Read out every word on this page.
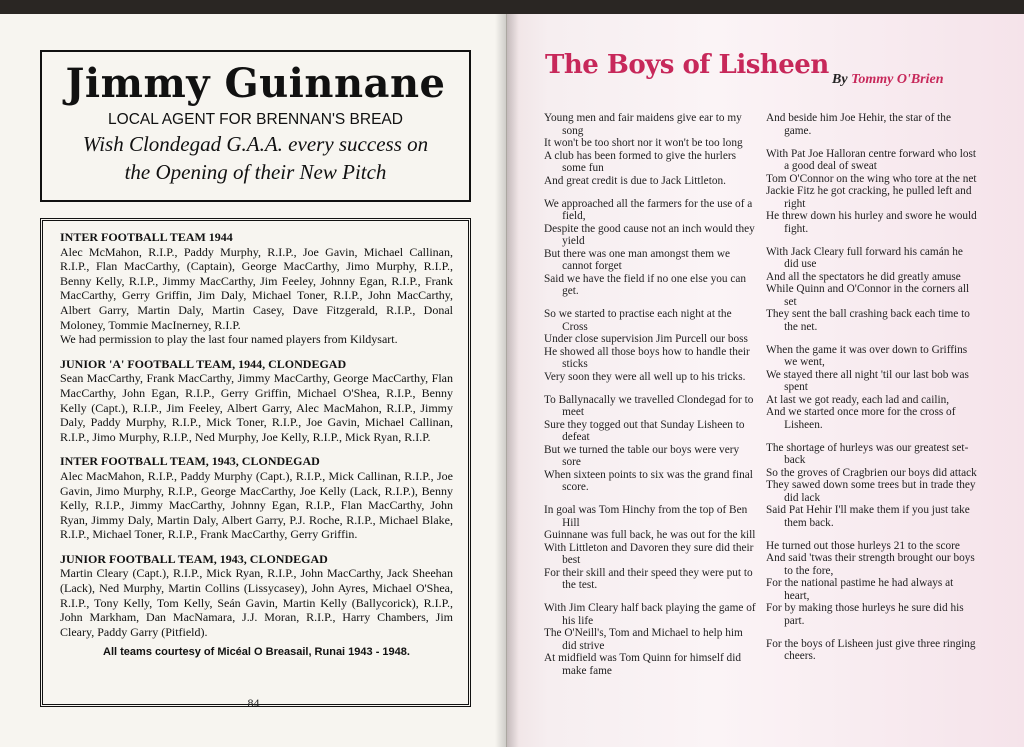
Jimmy Guinnane
LOCAL AGENT FOR BRENNAN'S BREAD
Wish Clondegad G.A.A. every success on
the Opening of their New Pitch
INTER FOOTBALL TEAM 1944
Alec McMahon, R.I.P., Paddy Murphy, R.I.P., Joe Gavin, Michael Callinan, R.I.P., Flan MacCarthy, (Captain), George MacCarthy, Jimo Murphy, R.I.P., Benny Kelly, R.I.P., Jimmy MacCarthy, Jim Feeley, Johnny Egan, R.I.P., Frank MacCarthy, Gerry Griffin, Jim Daly, Michael Toner, R.I.P., John MacCarthy, Albert Garry, Martin Daly, Martin Casey, Dave Fitzgerald, R.I.P., Donal Moloney, Tommie MacInerney, R.I.P.
We had permission to play the last four named players from Kildysart.
JUNIOR 'A' FOOTBALL TEAM, 1944, CLONDEGAD
Sean MacCarthy, Frank MacCarthy, Jimmy MacCarthy, George MacCarthy, Flan MacCarthy, John Egan, R.I.P., Gerry Griffin, Michael O'Shea, R.I.P., Benny Kelly (Capt.), R.I.P., Jim Feeley, Albert Garry, Alec MacMahon, R.I.P., Jimmy Daly, Paddy Murphy, R.I.P., Mick Toner, R.I.P., Joe Gavin, Michael Callinan, R.I.P., Jimo Murphy, R.I.P., Ned Murphy, Joe Kelly, R.I.P., Mick Ryan, R.I.P.
INTER FOOTBALL TEAM, 1943, CLONDEGAD
Alec MacMahon, R.I.P., Paddy Murphy (Capt.), R.I.P., Mick Callinan, R.I.P., Joe Gavin, Jimo Murphy, R.I.P., George MacCarthy, Joe Kelly (Lack, R.I.P.), Benny Kelly, R.I.P., Jimmy MacCarthy, Johnny Egan, R.I.P., Flan MacCarthy, John Ryan, Jimmy Daly, Martin Daly, Albert Garry, P.J. Roche, R.I.P., Michael Blake, R.I.P., Michael Toner, R.I.P., Frank MacCarthy, Gerry Griffin.
JUNIOR FOOTBALL TEAM, 1943, CLONDEGAD
Martin Cleary (Capt.), R.I.P., Mick Ryan, R.I.P., John MacCarthy, Jack Sheehan (Lack), Ned Murphy, Martin Collins (Lissycasey), John Ayres, Michael O'Shea, R.I.P., Tony Kelly, Tom Kelly, Seán Gavin, Martin Kelly (Ballycorick), R.I.P., John Markham, Dan MacNamara, J.J. Moran, R.I.P., Harry Chambers, Jim Cleary, Paddy Garry (Pitfield).
All teams courtesy of Micéal O Breasail, Runai 1943 - 1948.
84
The Boys of Lisheen By Tommy O'Brien
Young men and fair maidens give ear to my song
It won't be too short nor it won't be too long
A club has been formed to give the hurlers some fun
And great credit is due to Jack Littleton.
We approached all the farmers for the use of a field,
Despite the good cause not an inch would they yield
But there was one man amongst them we cannot forget
Said we have the field if no one else you can get.
So we started to practise each night at the Cross
Under close supervision Jim Purcell our boss
He showed all those boys how to handle their sticks
Very soon they were all well up to his tricks.
To Ballynacally we travelled Clondegad for to meet
Sure they togged out that Sunday Lisheen to defeat
But we turned the table our boys were very sore
When sixteen points to six was the grand final score.
In goal was Tom Hinchy from the top of Ben Hill
Guinnane was full back, he was out for the kill
With Littleton and Davoren they sure did their best
For their skill and their speed they were put to the test.
With Jim Cleary half back playing the game of his life
The O'Neill's, Tom and Michael to help him did strive
At midfield was Tom Quinn for himself did make fame
And beside him Joe Hehir, the star of the game.
With Pat Joe Halloran centre forward who lost a good deal of sweat
Tom O'Connor on the wing who tore at the net
Jackie Fitz he got cracking, he pulled left and right
He threw down his hurley and swore he would fight.
With Jack Cleary full forward his camán he did use
And all the spectators he did greatly amuse
While Quinn and O'Connor in the corners all set
They sent the ball crashing back each time to the net.
When the game it was over down to Griffins we went,
We stayed there all night 'til our last bob was spent
At last we got ready, each lad and cailin,
And we started once more for the cross of Lisheen.
The shortage of hurleys was our greatest set-back
So the groves of Cragbrien our boys did attack
They sawed down some trees but in trade they did lack
Said Pat Hehir I'll make them if you just take them back.
He turned out those hurleys 21 to the score
And said 'twas their strength brought our boys to the fore,
For the national pastime he had always at heart,
For by making those hurleys he sure did his part.
For the boys of Lisheen just give three ringing cheers.
